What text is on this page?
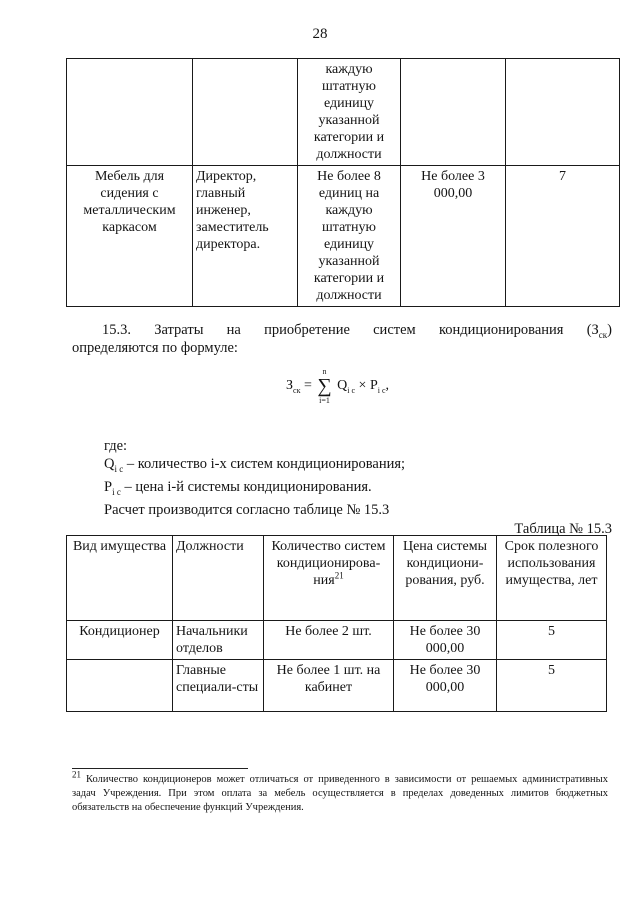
28
		каждую штатную единицу указанной категории и должности		
Мебель для сидения с металлическим каркасом	Директор, главный инженер, заместитель директора.	Не более 8 единиц на каждую штатную единицу указанной категории и должности	Не более 3 000,00	7
15.3. Затраты на приобретение систем кондиционирования $(З_{ск})$
определяются по формуле:
$З_{ск}$ =
n
∑
i=1
$Q_{i c} \times P_{i c}$,
где:
$Q_{i c}$ – количество i-х систем кондиционирования;
$P_{i c}$ – цена i-й системы кондиционирования.
Расчет производится согласно таблице № 15.3
Таблица № 15.3
Вид имущества	Должности	Количество систем кондиционирова-ния$^{21}$	Цена системы кондициони-рования, руб.	Срок полезного использования имущества, лет
Кондиционер	Начальники отделов	Не более 2 шт.	Не более 30 000,00	5
	Главные специали-сты	Не более 1 шт. на кабинет	Не более 30 000,00	5
$^{21}$ Количество кондиционеров может отличаться от приведенного в зависимости от решаемых административных задач Учреждения. При этом оплата за мебель осуществляется в пределах доведенных лимитов бюджетных обязательств на обеспечение функций Учреждения.
